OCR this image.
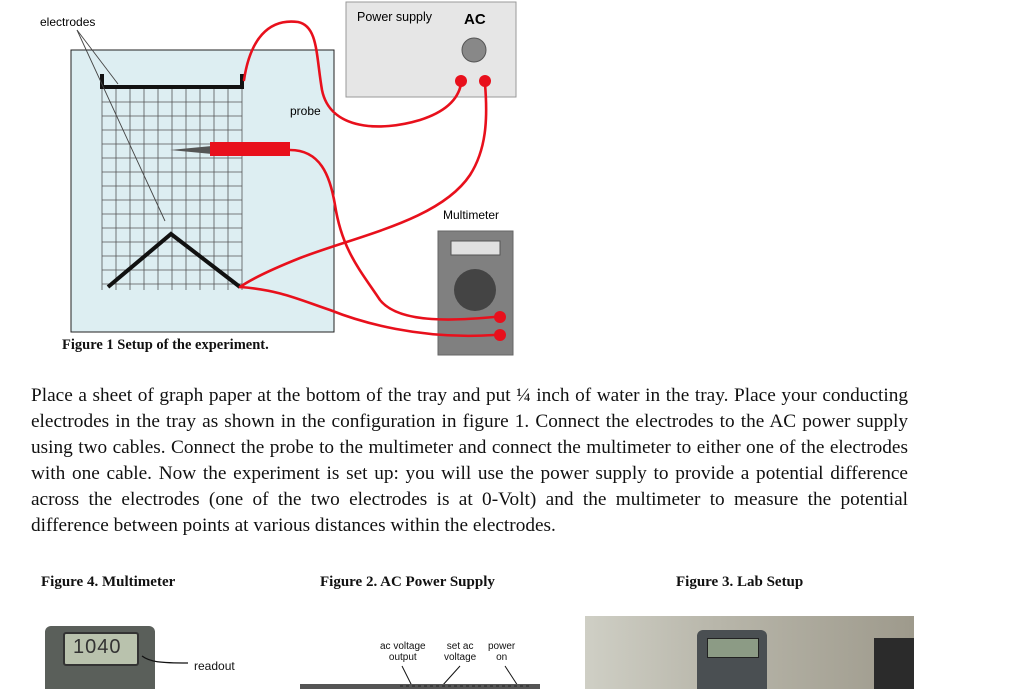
electrodes
probe
Power supply AC
Multimeter
Figure 1 Setup of the experiment.

Place a sheet of graph paper at the bottom of the tray and put ¼ inch of water in the tray. Place your conducting electrodes in the tray as shown in the configuration in figure 1. Connect the electrodes to the AC power supply using two cables. Connect the probe to the multimeter and connect the multimeter to either one of the electrodes with one cable. Now the experiment is set up: you will use the power supply to provide a potential difference across the electrodes (one of the two electrodes is at 0-Volt) and the multimeter to measure the potential difference between points at various distances within the electrodes.

Figure 4. Multimeter	Figure 2. AC Power Supply	Figure 3. Lab Setup
1040
readout
ac voltage
output
set ac
voltage
power
on
